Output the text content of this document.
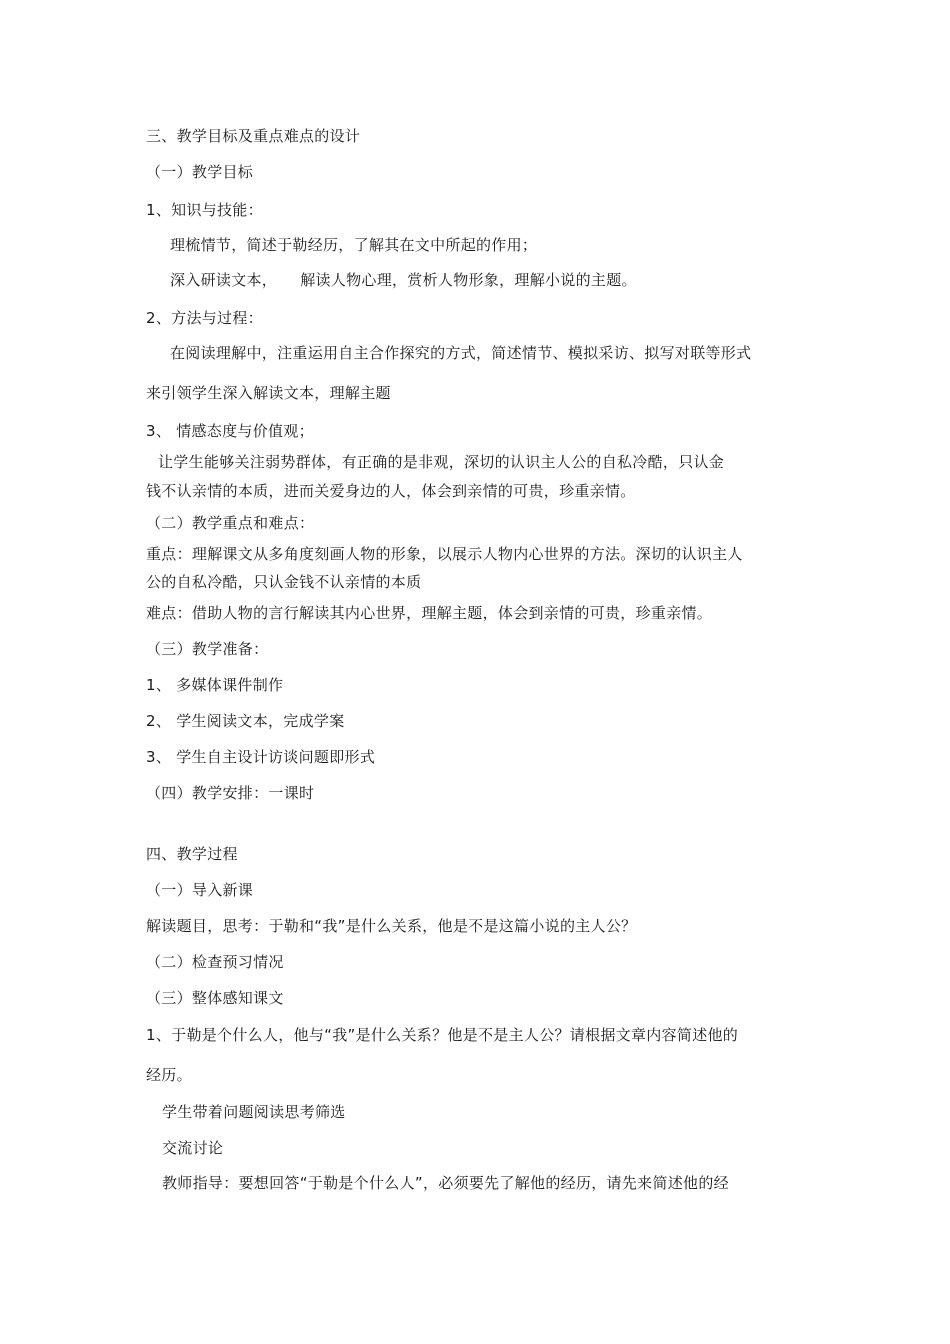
三、教学目标及重点难点的设计
（一）教学目标
1、知识与技能：
理梳情节，简述于勒经历，了解其在文中所起的作用；
深入研读文本，　　解读人物心理，赏析人物形象，理解小说的主题。
2、方法与过程：
在阅读理解中，注重运用自主合作探究的方式，简述情节、模拟采访、拟写对联等形式
来引领学生深入解读文本，理解主题
3、 情感态度与价值观；
让学生能够关注弱势群体，有正确的是非观，深切的认识主人公的自私冷酷，只认金
钱不认亲情的本质，进而关爱身边的人，体会到亲情的可贵，珍重亲情。
（二）教学重点和难点：
重点：理解课文从多角度刻画人物的形象，以展示人物内心世界的方法。深切的认识主人
公的自私冷酷，只认金钱不认亲情的本质
难点：借助人物的言行解读其内心世界，理解主题，体会到亲情的可贵，珍重亲情。
（三）教学准备：
1、 多媒体课件制作
2、 学生阅读文本，完成学案
3、 学生自主设计访谈问题即形式
（四）教学安排：一课时
四、教学过程
（一）导入新课
解读题目，思考：于勒和“我”是什么关系，他是不是这篇小说的主人公？
（二）检查预习情况
（三）整体感知课文
1、于勒是个什么人，他与“我”是什么关系？他是不是主人公？请根据文章内容简述他的
经历。
学生带着问题阅读思考筛选
交流讨论
教师指导：要想回答“于勒是个什么人”，必须要先了解他的经历，请先来简述他的经
